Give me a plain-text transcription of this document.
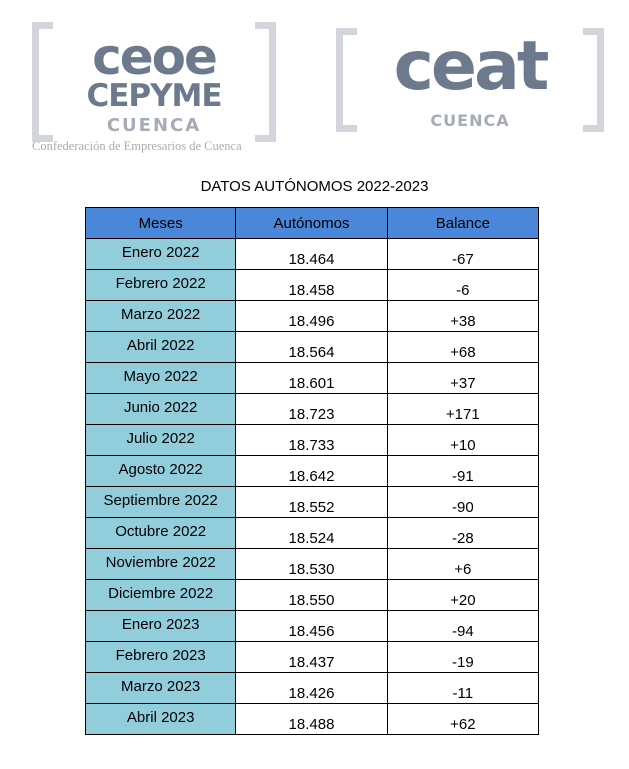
ceoe
CEPYME
CUENCA
Confederación de Empresarios de Cuenca
ceat
CUENCA
DATOS AUTÓNOMOS 2022-2023
Meses	Autónomos	Balance
Enero 2022	18.464	-67
Febrero 2022	18.458	-6
Marzo 2022	18.496	+38
Abril 2022	18.564	+68
Mayo 2022	18.601	+37
Junio 2022	18.723	+171
Julio 2022	18.733	+10
Agosto 2022	18.642	-91
Septiembre 2022	18.552	-90
Octubre 2022	18.524	-28
Noviembre 2022	18.530	+6
Diciembre 2022	18.550	+20
Enero 2023	18.456	-94
Febrero 2023	18.437	-19
Marzo 2023	18.426	-11
Abril 2023	18.488	+62
